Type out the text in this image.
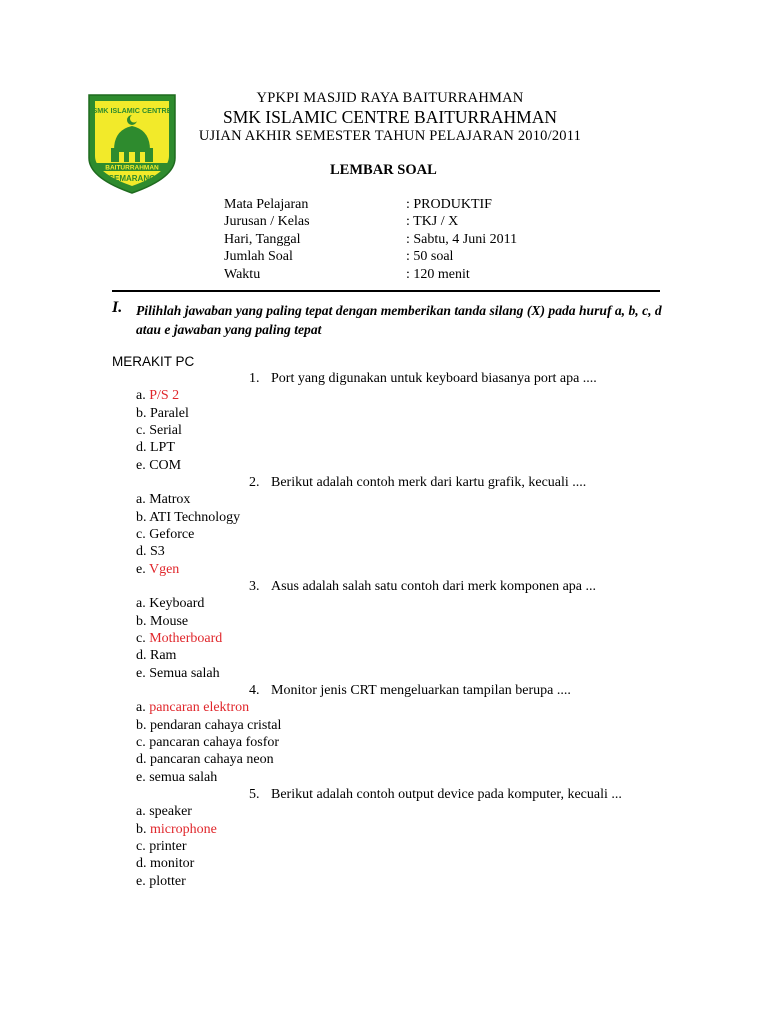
BAITURRAHMAN
SMK ISLAMIC CENTRE
SEMARANG
YPKPI MASJID RAYA BAITURRAHMAN
SMK ISLAMIC CENTRE BAITURRAHMAN
UJIAN AKHIR SEMESTER TAHUN PELAJARAN 2010/2011
LEMBAR SOAL
Mata Pelajaran	: PRODUKTIF
Jurusan / Kelas	: TKJ / X
Hari, Tanggal	: Sabtu, 4 Juni 2011
Jumlah Soal	: 50 soal
Waktu	: 120 menit
I. Pilihlah jawaban yang paling tepat dengan memberikan tanda silang (X) pada huruf a, b, c, d atau e jawaban yang paling tepat
MERAKIT PC
1. Port yang digunakan untuk keyboard biasanya port apa ....
a. P/S 2
b. Paralel
c. Serial
d. LPT
e. COM
2. Berikut adalah contoh merk dari kartu grafik, kecuali ....
a. Matrox
b. ATI Technology
c. Geforce
d. S3
e. Vgen
3. Asus adalah salah satu contoh dari merk komponen apa ...
a. Keyboard
b. Mouse
c. Motherboard
d. Ram
e. Semua salah
4. Monitor jenis CRT mengeluarkan tampilan berupa ....
a. pancaran elektron
b. pendaran cahaya cristal
c. pancaran cahaya fosfor
d. pancaran cahaya neon
e. semua salah
5. Berikut adalah contoh output device pada komputer, kecuali ...
a. speaker
b. microphone
c. printer
d. monitor
e. plotter
